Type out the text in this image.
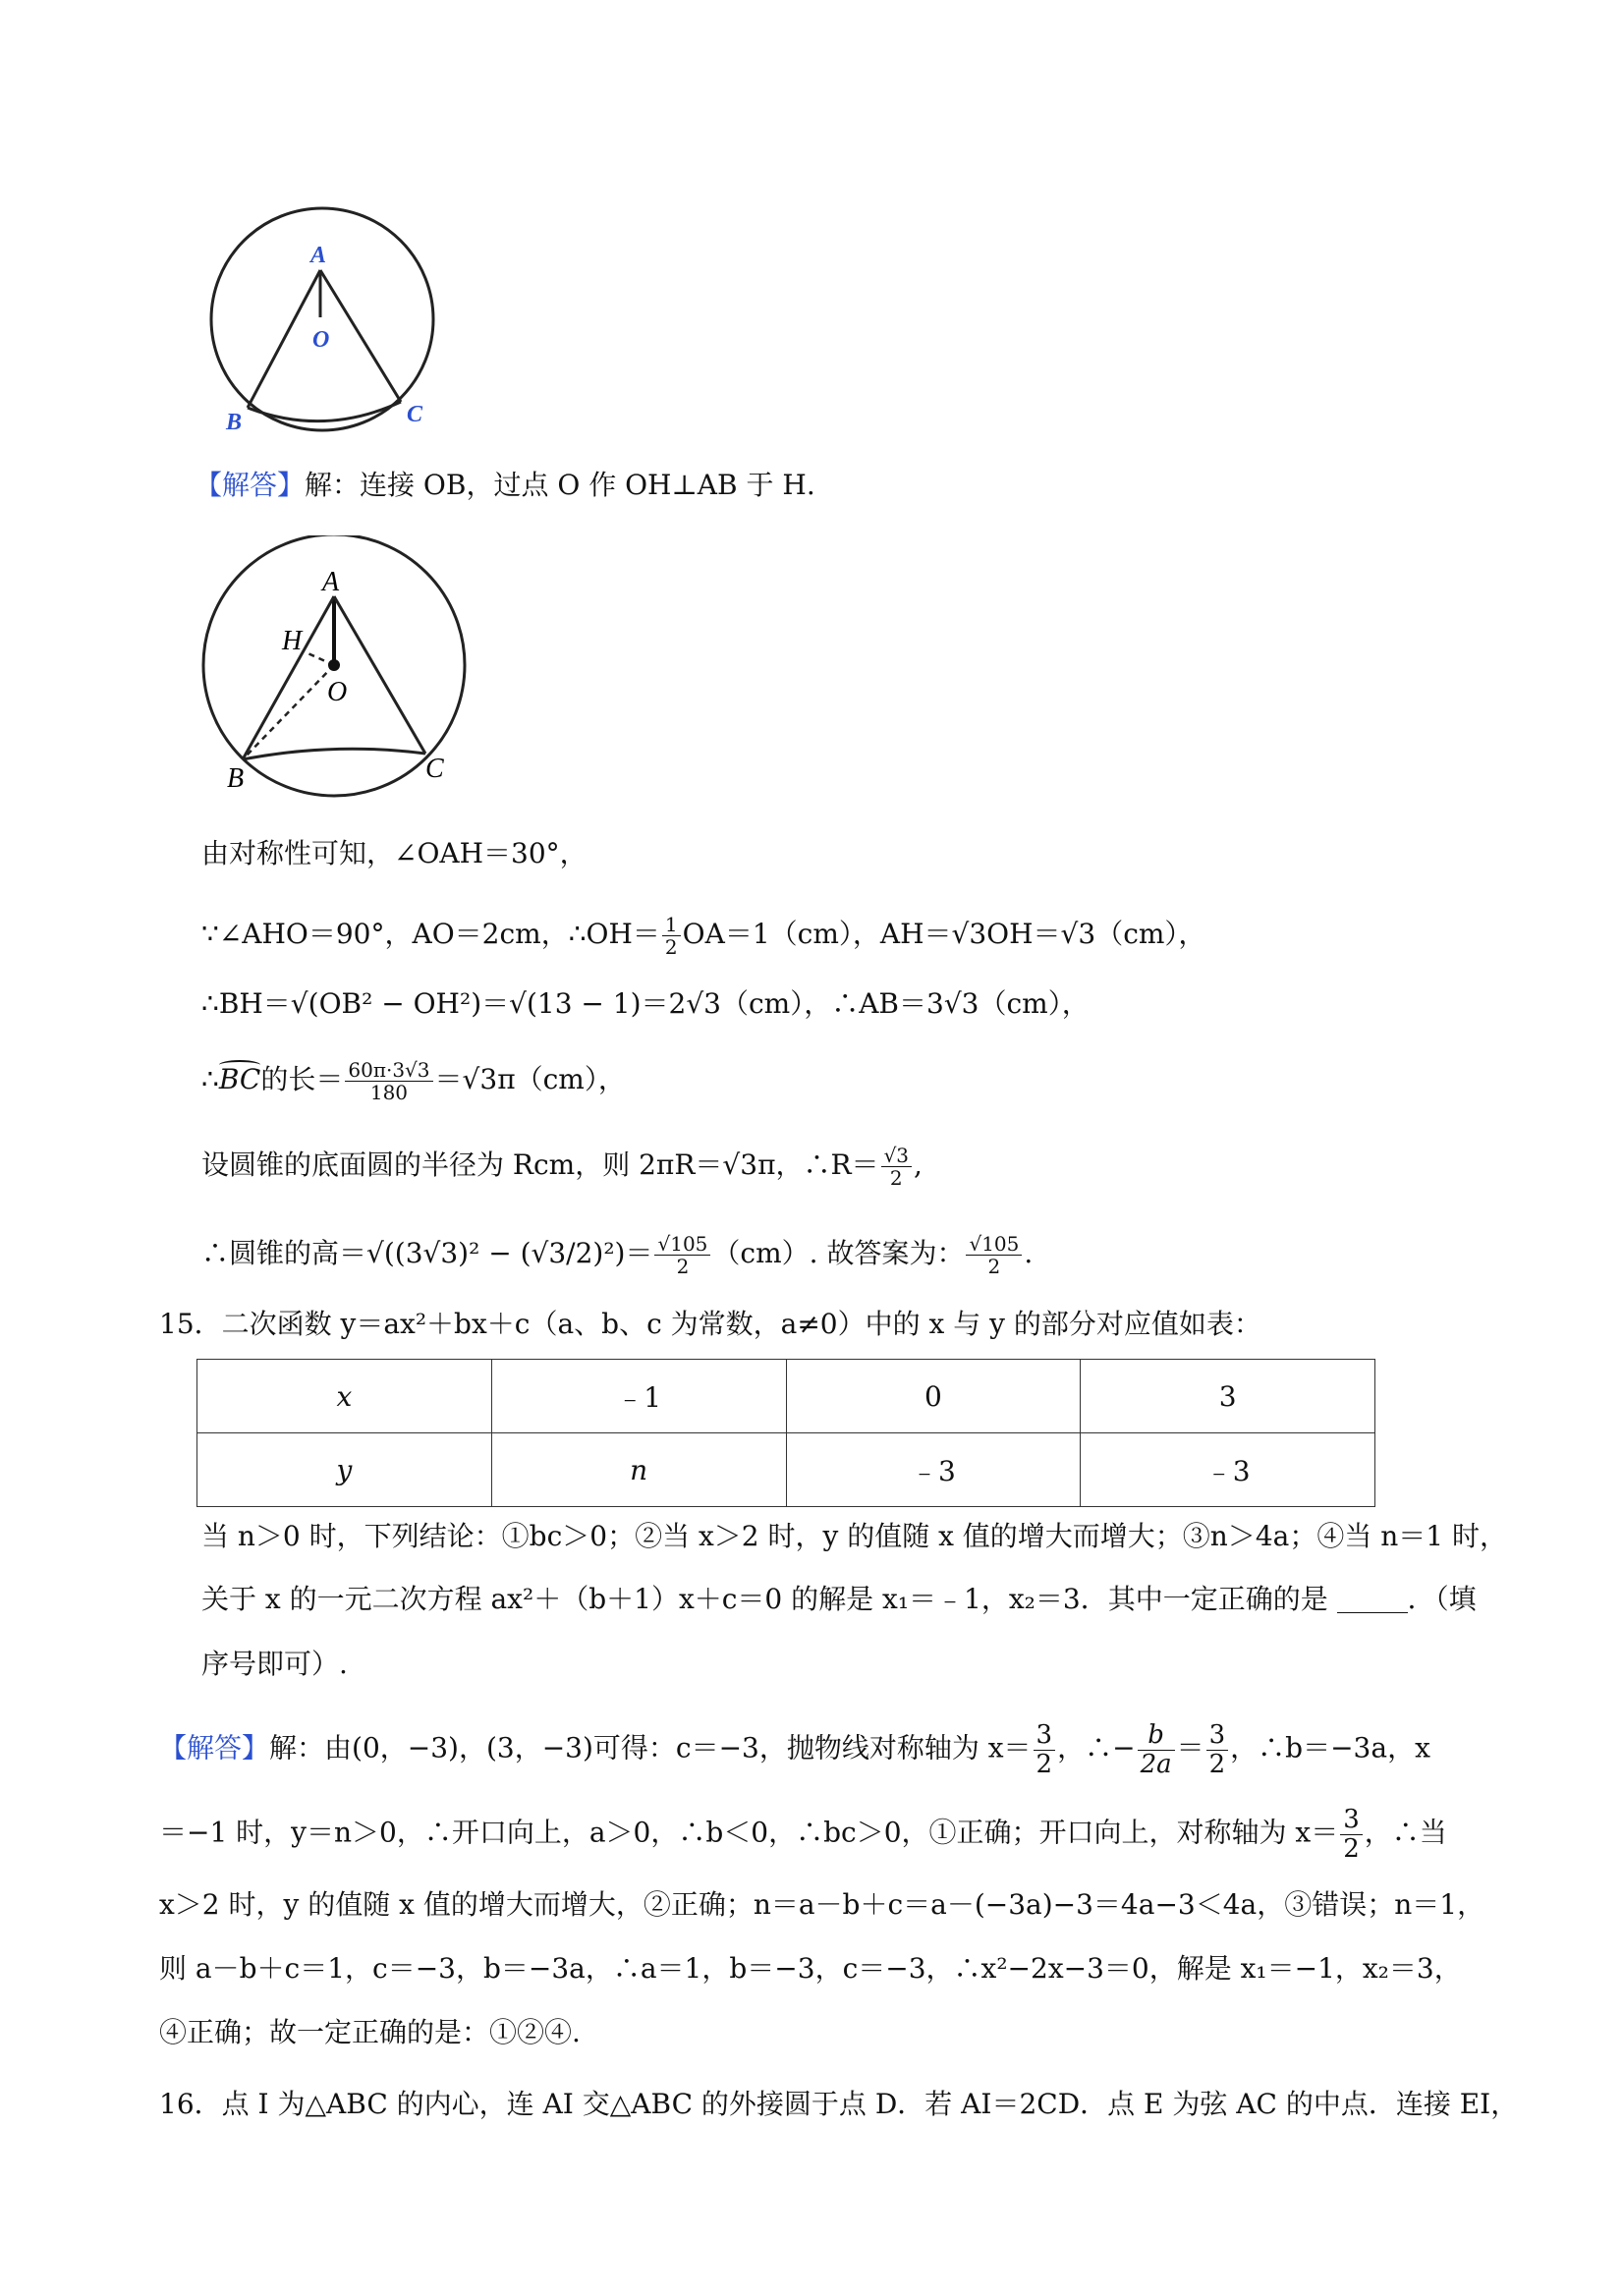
A
O
B	C
【解答】解：连接 OB，过点 O 作 OH⊥AB 于 H.
A
H
O
B	C
由对称性可知，∠OAH＝30°，
∵∠AHO＝90°，AO＝2cm，∴OH＝ $\frac{1}{2} OA=1(cm)$，AH＝√3OH＝√3（cm），
∴BH＝√(OB² − OH²)＝√(13 − 1)＝2√3（cm），∴AB＝3√3（cm），
∴
BC的长＝ $\frac{60\pi\cdot 3√3}{180} =√3\pi(cm)$，
设圆锥的底面圆的半径为 Rcm，则 2πR＝√3π，∴R＝ $\frac{√3}{2}$ ,
∴圆锥的高$=√((3√3)^2 - (√3/2)^2)= \frac{√105}{2} (cm)$. 故答案为： $\frac{√105}{2}$ .
15．二次函数 y＝ax²＋bx＋c（a、b、c 为常数，a≠0）中的 x 与 y 的部分对应值如表：
x	﹣1	0	3
y	n	﹣3	﹣3
当 n＞0 时，下列结论：①bc＞0；②当 x＞2 时，y 的值随 x 值的增大而增大；③n＞4a；④当 n＝1 时，
关于 x 的一元二次方程 ax²＋（b＋1）x＋c＝0 的解是 x₁＝﹣1，x₂＝3．其中一定正确的是	．（填
序号即可）.
【解答】解：由(0，−3)，(3，−3)可得：c＝−3，抛物线对称轴为 $x= \frac{3}{2}$ ，∴− $\frac{b}{2a} = \frac{3}{2}$ ，∴b＝−3a，x
＝−1 时，y＝n＞0，∴开口向上，a＞0，∴b＜0，∴bc＞0，①正确；开口向上，对称轴为 $x= \frac{3}{2}$ ，∴当
x＞2 时，y 的值随 x 值的增大而增大，②正确；n＝a－b＋c＝a－(−3a)−3＝4a−3＜4a，③错误；n＝1，
则 a－b＋c＝1，c＝−3，b＝−3a，∴a＝1，b＝−3，c＝−3，∴x²−2x−3＝0，解是 x₁＝−1，x₂＝3，
④正确；故一定正确的是：①②④.
16．点 I 为△ABC 的内心，连 AI 交△ABC 的外接圆于点 D．若 AI＝2CD．点 E 为弦 AC 的中点．连接 EI，
